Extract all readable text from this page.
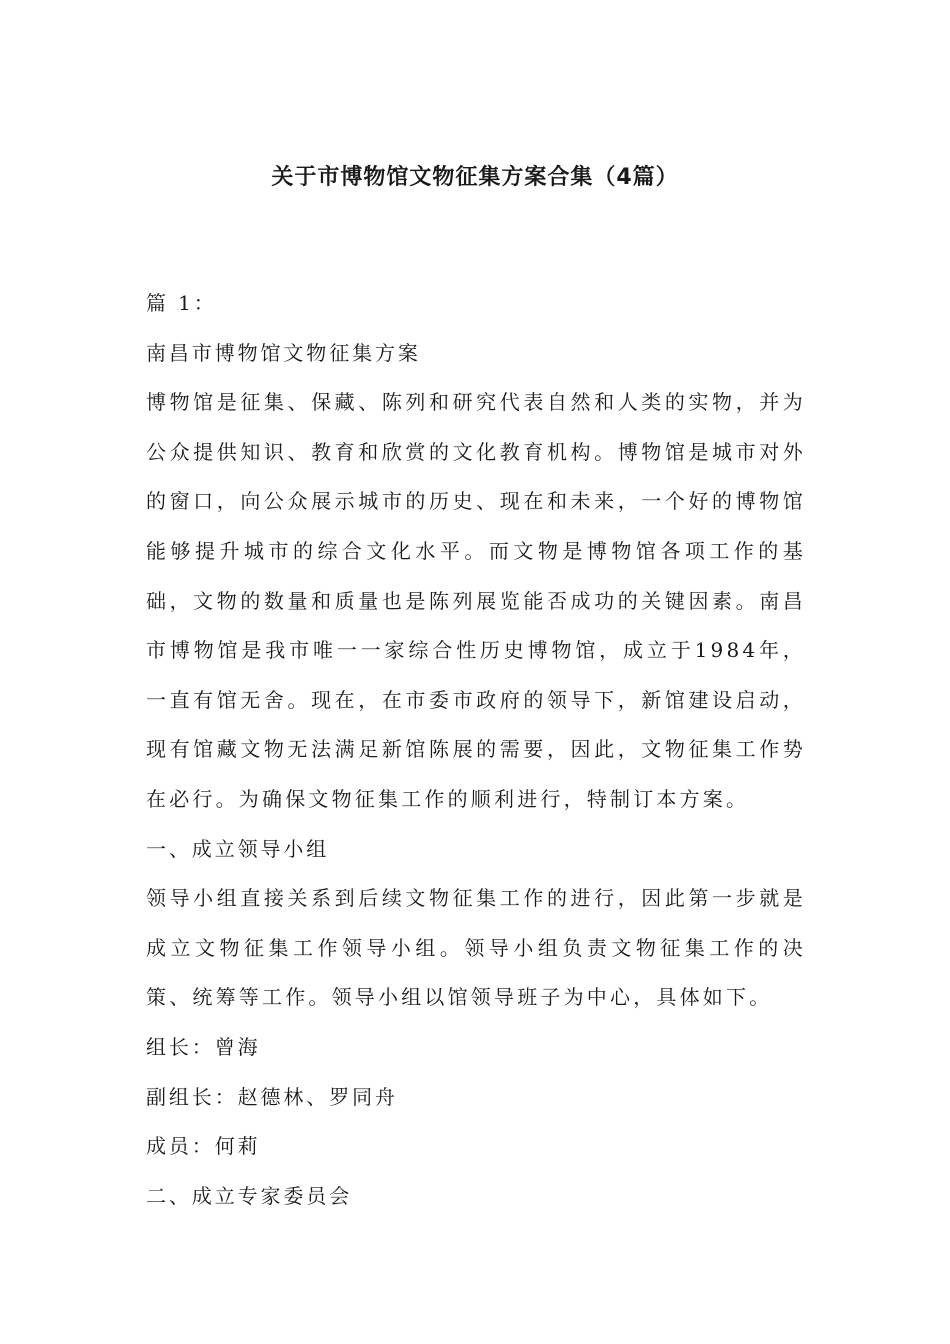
关于市博物馆文物征集方案合集（4篇）

篇 1：

南昌市博物馆文物征集方案

博物馆是征集、保藏、陈列和研究代表自然和人类的实物，并为公众提供知识、教育和欣赏的文化教育机构。博物馆是城市对外的窗口，向公众展示城市的历史、现在和未来，一个好的博物馆能够提升城市的综合文化水平。而文物是博物馆各项工作的基础，文物的数量和质量也是陈列展览能否成功的关键因素。南昌市博物馆是我市唯一一家综合性历史博物馆，成立于1984年，一直有馆无舍。现在，在市委市政府的领导下，新馆建设启动，现有馆藏文物无法满足新馆陈展的需要，因此，文物征集工作势在必行。为确保文物征集工作的顺利进行，特制订本方案。

一、成立领导小组

领导小组直接关系到后续文物征集工作的进行，因此第一步就是成立文物征集工作领导小组。领导小组负责文物征集工作的决策、统筹等工作。领导小组以馆领导班子为中心，具体如下。

组长：曾海

副组长：赵德林、罗同舟

成员：何莉

二、成立专家委员会
